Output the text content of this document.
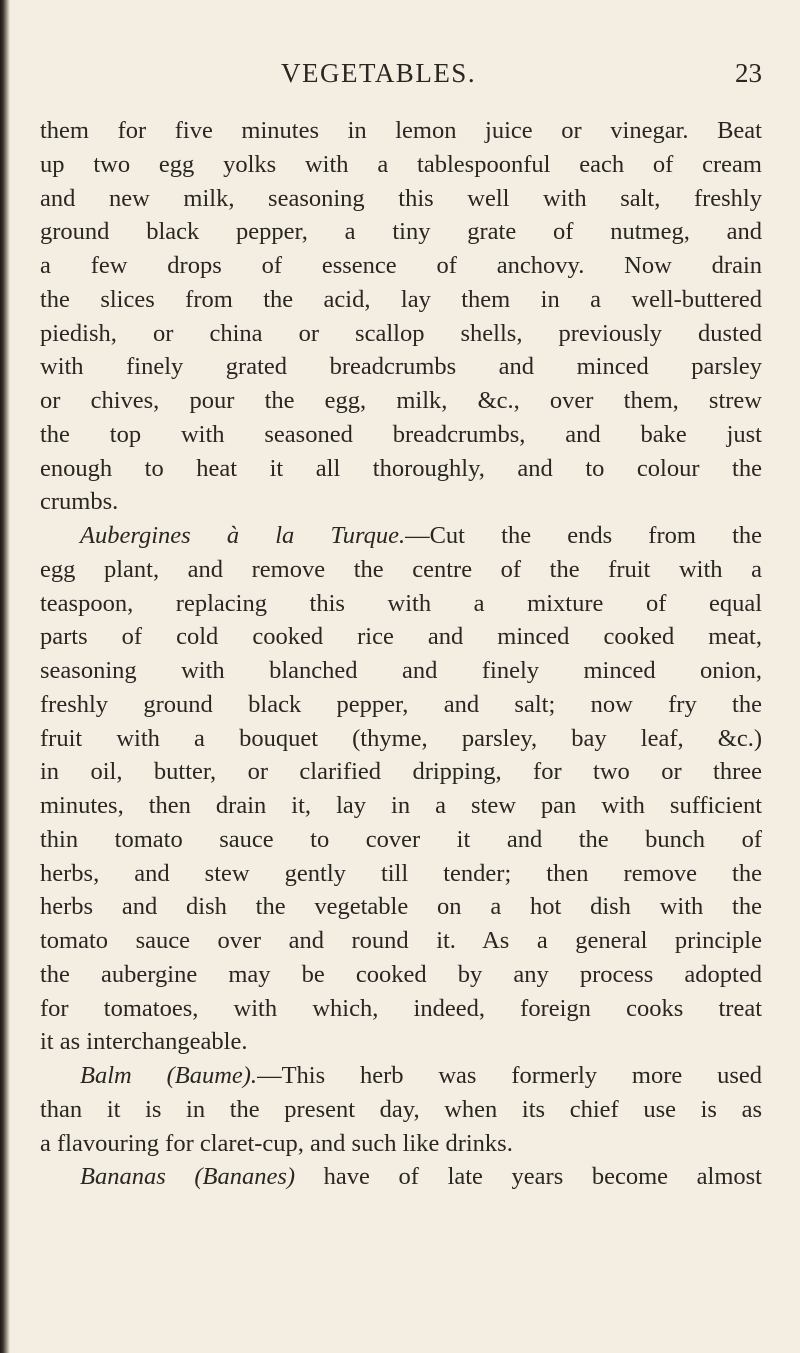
VEGETABLES.	23
them for five minutes in lemon juice or vinegar. Beat
up two egg yolks with a tablespoonful each of cream
and new milk, seasoning this well with salt, freshly
ground black pepper, a tiny grate of nutmeg, and
a few drops of essence of anchovy. Now drain
the slices from the acid, lay them in a well-buttered
piedish, or china or scallop shells, previously dusted
with finely grated breadcrumbs and minced parsley
or chives, pour the egg, milk, &c., over them, strew
the top with seasoned breadcrumbs, and bake just
enough to heat it all thoroughly, and to colour the
crumbs.
Aubergines à la Turque.—Cut the ends from the
egg plant, and remove the centre of the fruit with a
teaspoon, replacing this with a mixture of equal
parts of cold cooked rice and minced cooked meat,
seasoning with blanched and finely minced onion,
freshly ground black pepper, and salt; now fry the
fruit with a bouquet (thyme, parsley, bay leaf, &c.)
in oil, butter, or clarified dripping, for two or three
minutes, then drain it, lay in a stew pan with sufficient
thin tomato sauce to cover it and the bunch of
herbs, and stew gently till tender; then remove the
herbs and dish the vegetable on a hot dish with the
tomato sauce over and round it. As a general principle
the aubergine may be cooked by any process adopted
for tomatoes, with which, indeed, foreign cooks treat
it as interchangeable.
Balm (Baume).—This herb was formerly more used
than it is in the present day, when its chief use is as
a flavouring for claret-cup, and such like drinks.
Bananas (Bananes) have of late years become almost
